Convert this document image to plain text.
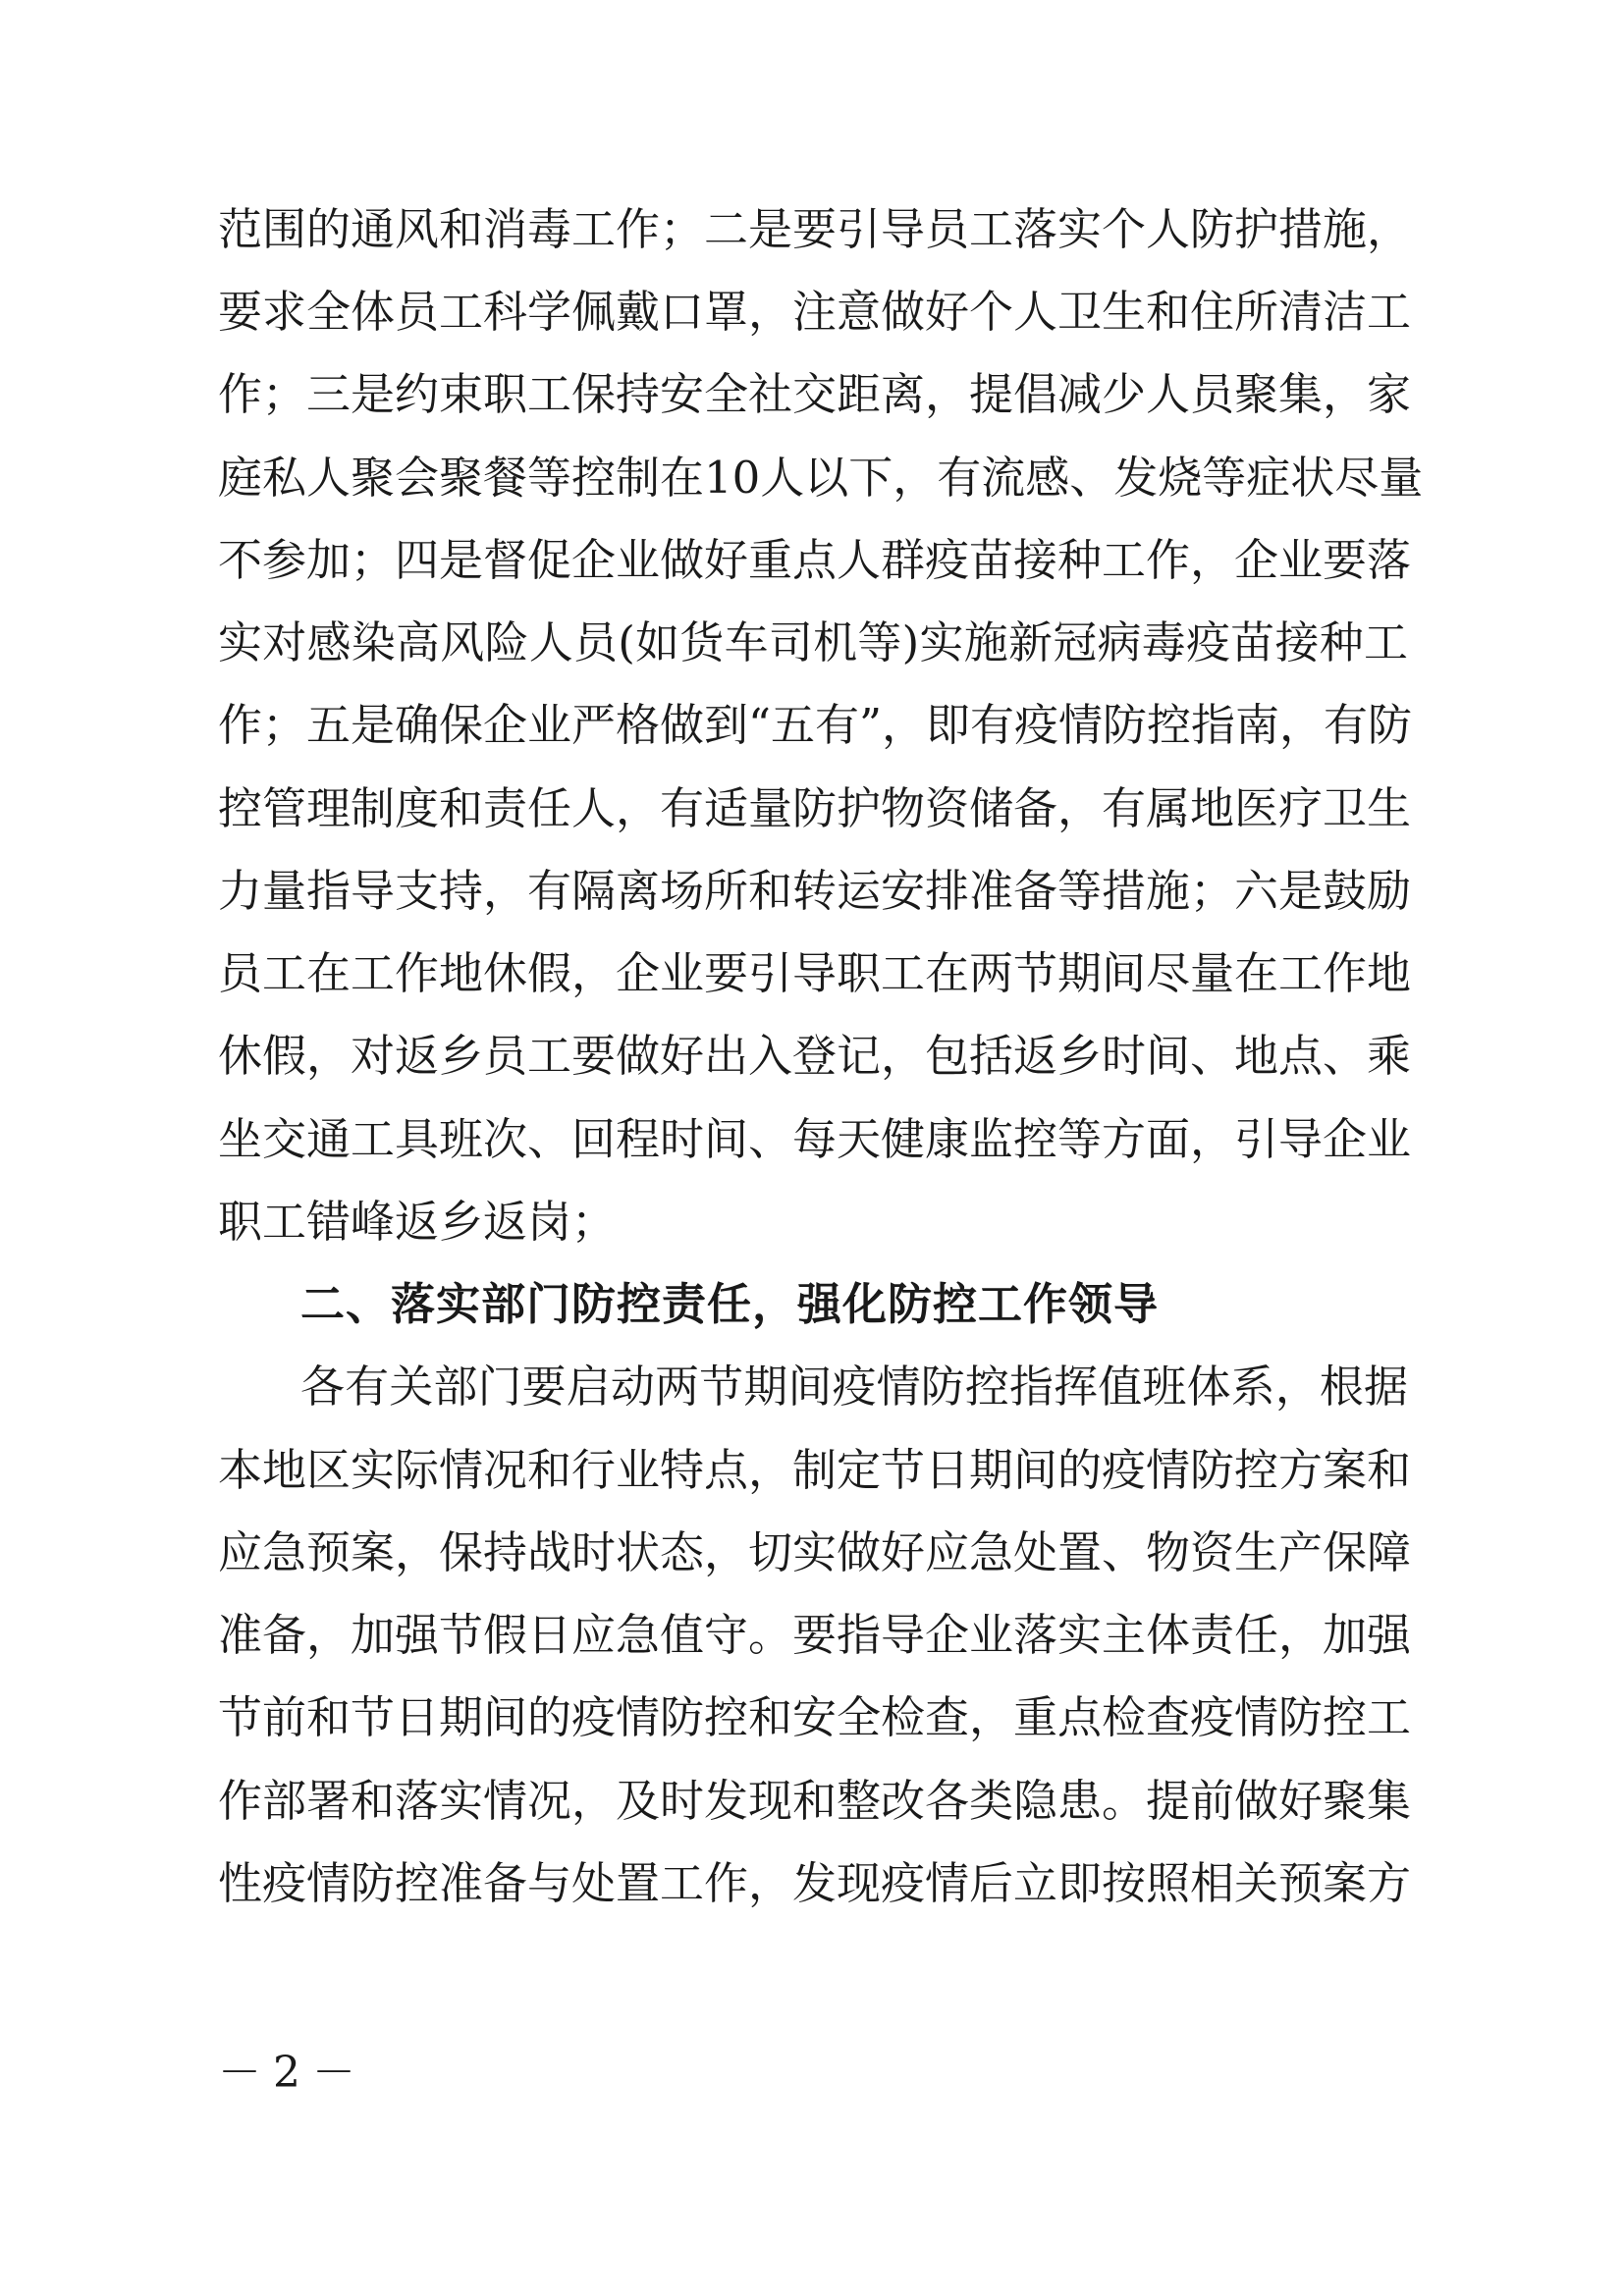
范围的通风和消毒工作；二是要引导员工落实个人防护措施，
要求全体员工科学佩戴口罩，注意做好个人卫生和住所清洁工
作；三是约束职工保持安全社交距离，提倡减少人员聚集，家
庭私人聚会聚餐等控制在10人以下，有流感、发烧等症状尽量
不参加；四是督促企业做好重点人群疫苗接种工作，企业要落
实对感染高风险人员(如货车司机等)实施新冠病毒疫苗接种工
作；五是确保企业严格做到“五有”，即有疫情防控指南，有防
控管理制度和责任人，有适量防护物资储备，有属地医疗卫生
力量指导支持，有隔离场所和转运安排准备等措施；六是鼓励
员工在工作地休假，企业要引导职工在两节期间尽量在工作地
休假，对返乡员工要做好出入登记，包括返乡时间、地点、乘
坐交通工具班次、回程时间、每天健康监控等方面，引导企业
职工错峰返乡返岗；
二、落实部门防控责任，强化防控工作领导
各有关部门要启动两节期间疫情防控指挥值班体系，根据
本地区实际情况和行业特点，制定节日期间的疫情防控方案和
应急预案，保持战时状态，切实做好应急处置、物资生产保障
准备，加强节假日应急值守。要指导企业落实主体责任，加强
节前和节日期间的疫情防控和安全检查，重点检查疫情防控工
作部署和落实情况，及时发现和整改各类隐患。提前做好聚集
性疫情防控准备与处置工作，发现疫情后立即按照相关预案方
－2－
